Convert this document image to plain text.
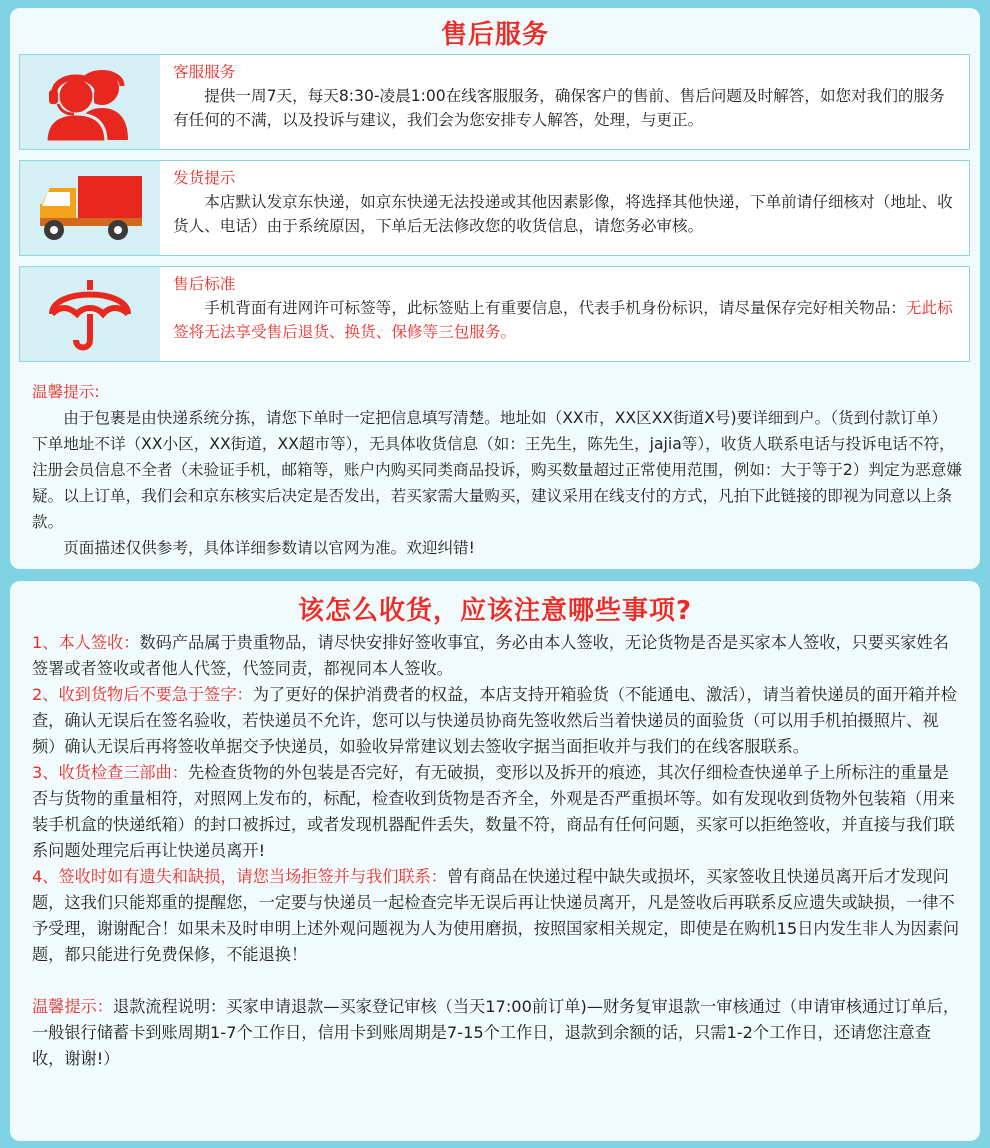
售后服务
客服服务
提供一周7天，每天8:30-凌晨1:00在线客服服务，确保客户的售前、售后问题及时解答，如您对我们的服务有任何的不满，以及投诉与建议，我们会为您安排专人解答，处理，与更正。
发货提示
本店默认发京东快递，如京东快递无法投递或其他因素影像，将选择其他快递，下单前请仔细核对（地址、收货人、电话）由于系统原因，下单后无法修改您的收货信息，请您务必审核。
售后标准
手机背面有进网许可标签等，此标签贴上有重要信息，代表手机身份标识，请尽量保存完好相关物品：无此标签将无法享受售后退货、换货、保修等三包服务。
温馨提示:
由于包裹是由快递系统分拣，请您下单时一定把信息填写清楚。地址如（XX市，XX区XX街道X号)要详细到户。（货到付款订单）下单地址不详（XX小区，XX街道，XX超市等），无具体收货信息（如：王先生，陈先生，jajia等），收货人联系电话与投诉电话不符，注册会员信息不全者（未验证手机，邮箱等，账户内购买同类商品投诉，购买数量超过正常使用范围，例如：大于等于2）判定为恶意嫌疑。以上订单，我们会和京东核实后决定是否发出，若买家需大量购买，建议采用在线支付的方式，凡拍下此链接的即视为同意以上条款。
页面描述仅供参考，具体详细参数请以官网为准。欢迎纠错!
该怎么收货，应该注意哪些事项?

1、本人签收：数码产品属于贵重物品，请尽快安排好签收事宜，务必由本人签收，无论货物是否是买家本人签收，只要买家姓名签署或者签收或者他人代签，代签同责，都视同本人签收。

2、收到货物后不要急于签字：为了更好的保护消费者的权益，本店支持开箱验货（不能通电、激活），请当着快递员的面开箱并检查，确认无误后在签名验收，若快递员不允许，您可以与快递员协商先签收然后当着快递员的面验货（可以用手机拍摄照片、视频）确认无误后再将签收单据交予快递员，如验收异常建议划去签收字据当面拒收并与我们的在线客服联系。

3、收货检查三部曲：先检查货物的外包装是否完好，有无破损，变形以及拆开的痕迹，其次仔细检查快递单子上所标注的重量是否与货物的重量相符，对照网上发布的，标配，检查收到货物是否齐全，外观是否严重损坏等。如有发现收到货物外包装箱（用来装手机盒的快递纸箱）的封口被拆过，或者发现机器配件丢失，数量不符，商品有任何问题，买家可以拒绝签收，并直接与我们联系问题处理完后再让快递员离开!

4、签收时如有遗失和缺损，请您当场拒签并与我们联系：曾有商品在快递过程中缺失或损坏，买家签收且快递员离开后才发现问题，这我们只能郑重的提醒您，一定要与快递员一起检查完毕无误后再让快递员离开，凡是签收后再联系反应遗失或缺损，一律不予受理，谢谢配合！如果未及时申明上述外观问题视为人为使用磨损，按照国家相关规定，即使是在购机15日内发生非人为因素问题，都只能进行免费保修，不能退换！

温馨提示：退款流程说明：买家申请退款—买家登记审核（当天17:00前订单)—财务复审退款一审核通过（申请审核通过订单后，一般银行储蓄卡到账周期1-7个工作日，信用卡到账周期是7-15个工作日，退款到余额的话，只需1-2个工作日，还请您注意查收，谢谢!）
